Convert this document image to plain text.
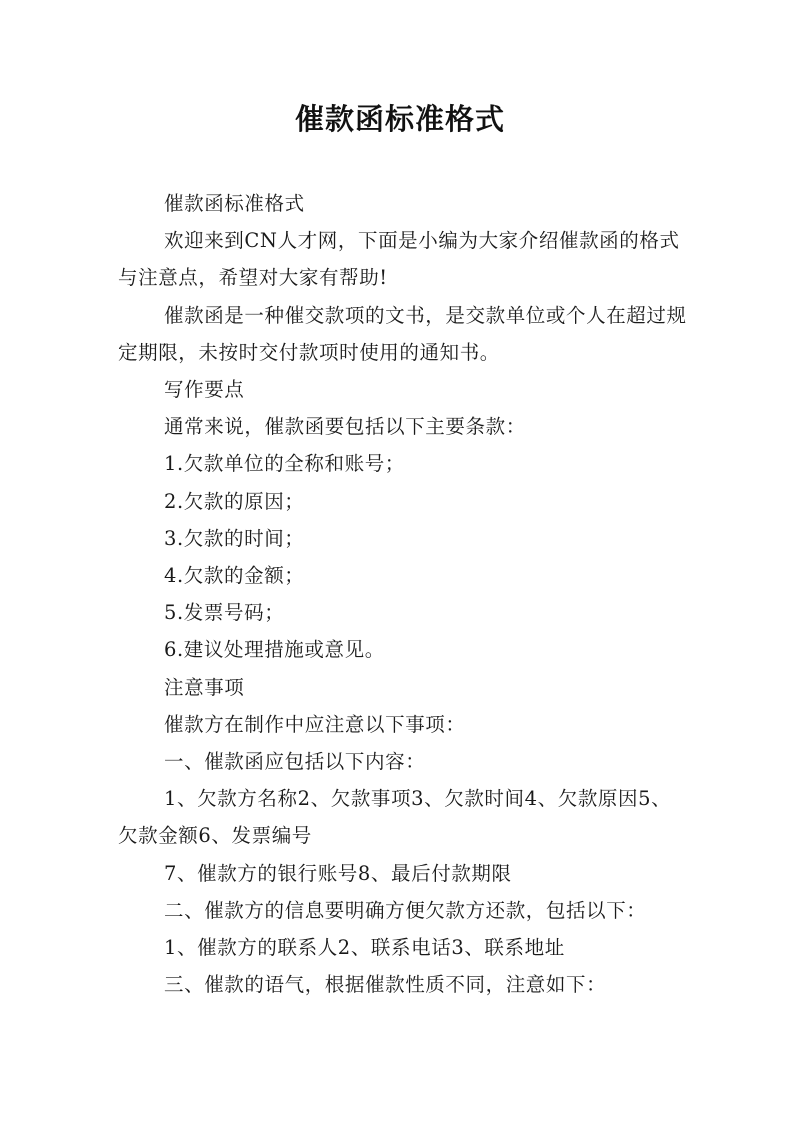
催款函标准格式

催款函标准格式

欢迎来到CN人才网，下面是小编为大家介绍催款函的格式与注意点，希望对大家有帮助!

催款函是一种催交款项的文书，是交款单位或个人在超过规定期限，未按时交付款项时使用的通知书。

写作要点

通常来说，催款函要包括以下主要条款：

1.欠款单位的全称和账号；

2.欠款的原因；

3.欠款的时间；

4.欠款的金额；

5.发票号码；

6.建议处理措施或意见。

注意事项

催款方在制作中应注意以下事项：

一、催款函应包括以下内容：

1、欠款方名称2、欠款事项3、欠款时间4、欠款原因5、欠款金额6、发票编号

7、催款方的银行账号8、最后付款期限

二、催款方的信息要明确方便欠款方还款，包括以下：

1、催款方的联系人2、联系电话3、联系地址

三、催款的语气，根据催款性质不同，注意如下：
